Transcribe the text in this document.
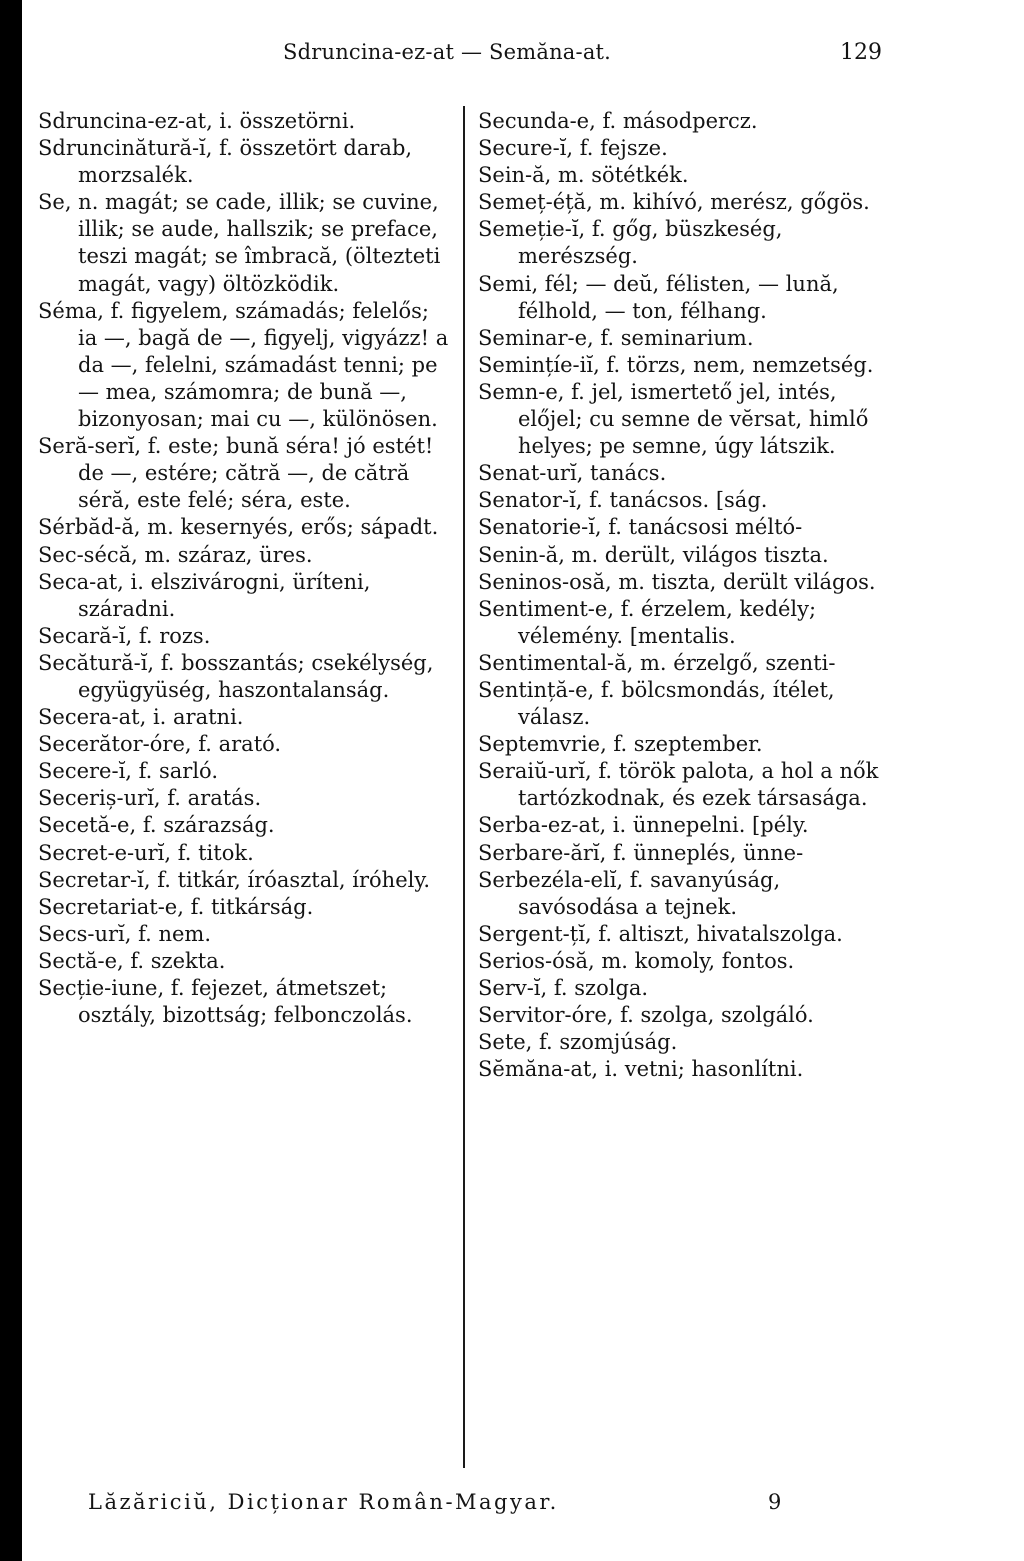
Sdruncina-ez-at — Semăna-at.	129

Sdruncina-ez-at, i. összetörni.

Sdruncinătură-ĭ, f. összetört darab, morzsalék.

Se, n. magát; se cade, illik; se cuvine, illik; se aude, hallszik; se preface, teszi magát; se îmbracă, (öltezteti magát, vagy) öltözködik.

Séma, f. figyelem, számadás; felelős; ia —, bagă de —, figyelj, vigyázz! a da —, felelni, számadást tenni; pe — mea, számomra; de bună —, bizonyosan; mai cu —, különösen.

Seră-serĭ, f. este; bună séra! jó estét! de —, estére; cătră —, de cătră séră, este felé; séra, este.

Sérbăd-ă, m. kesernyés, erős; sápadt.

Sec-sécă, m. száraz, üres.

Seca-at, i. elszivárogni, üríteni, száradni.

Secară-ĭ, f. rozs.

Secătură-ĭ, f. bosszantás; csekélység, együgyüség, haszontalanság.

Secera-at, i. aratni.

Secerător-óre, f. arató.

Secere-ĭ, f. sarló.

Seceriș-urĭ, f. aratás.

Secetă-e, f. szárazság.

Secret-e-urĭ, f. titok.

Secretar-ĭ, f. titkár, íróasztal, íróhely.

Secretariat-e, f. titkárság.

Secs-urĭ, f. nem.

Sectă-e, f. szekta.

Secție-iune, f. fejezet, átmetszet; osztály, bizottság; felbonczolás.

Secunda-e, f. másodpercz.

Secure-ĭ, f. fejsze.

Sein-ă, m. sötétkék.

Semeț-éță, m. kihívó, merész, gőgös.

Semeție-ĭ, f. gőg, büszkeség, merészség.

Semi, fél; — deŭ, félisten, — lună, félhold, — ton, félhang.

Seminar-e, f. seminarium.

Semințíe-iĭ, f. törzs, nem, nemzetség.

Semn-e, f. jel, ismertető jel, intés, előjel; cu semne de vĕrsat, himlő helyes; pe semne, úgy látszik.

Senat-urĭ, tanács.

Senator-ĭ, f. tanácsos. [ság.

Senatorie-ĭ, f. tanácsosi méltó-

Senin-ă, m. derült, világos tiszta.

Seninos-osă, m. tiszta, derült világos.

Sentiment-e, f. érzelem, kedély; vélemény. [mentalis.

Sentimental-ă, m. érzelgő, szenti-

Sentință-e, f. bölcsmondás, ítélet, válasz.

Septemvrie, f. szeptember.

Seraiŭ-urĭ, f. török palota, a hol a nők tartózkodnak, és ezek társasága.

Serba-ez-at, i. ünnepelni. [pély.

Serbare-ărĭ, f. ünneplés, ünne-

Serbezéla-elĭ, f. savanyúság, savósodása a tejnek.

Sergent-țĭ, f. altiszt, hivatalszolga.

Serios-ósă, m. komoly, fontos.

Serv-ĭ, f. szolga.

Servitor-óre, f. szolga, szolgáló.

Sete, f. szomjúság.

Sĕmăna-at, i. vetni; hasonlítni.

Lăzăriciŭ, Dicționar Român-Magyar.	9
